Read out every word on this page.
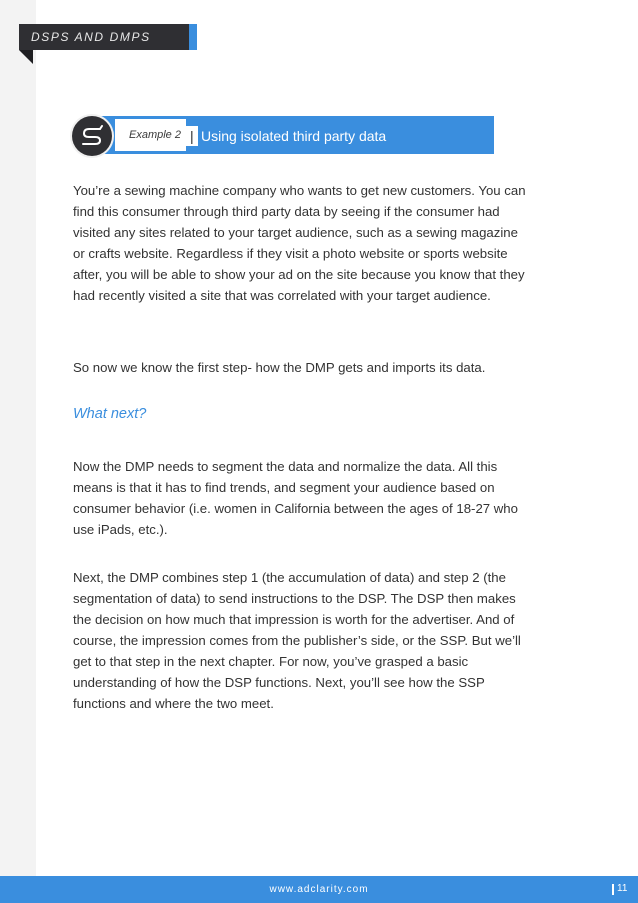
DSPS AND DMPS
Example 2 | Using isolated third party data

You’re a sewing machine company who wants to get new customers. You can find this consumer through third party data by seeing if the consumer had visited any sites related to your target audience, such as a sewing magazine or crafts website. Regardless if they visit a photo website or sports website after, you will be able to show your ad on the site because you know that they had recently visited a site that was correlated with your target audience.

So now we know the first step- how the DMP gets and imports its data.

What next?

Now the DMP needs to segment the data and normalize the data. All this means is that it has to find trends, and segment your audience based on consumer behavior (i.e. women in California between the ages of 18-27 who use iPads, etc.).

Next, the DMP combines step 1 (the accumulation of data) and step 2 (the segmentation of data) to send instructions to the DSP. The DSP then makes the decision on how much that impression is worth for the advertiser. And of course, the impression comes from the publisher’s side, or the SSP. But we’ll get to that step in the next chapter. For now, you’ve grasped a basic understanding of how the DSP functions. Next, you’ll see how the SSP functions and where the two meet.

www.adclarity.com	11
